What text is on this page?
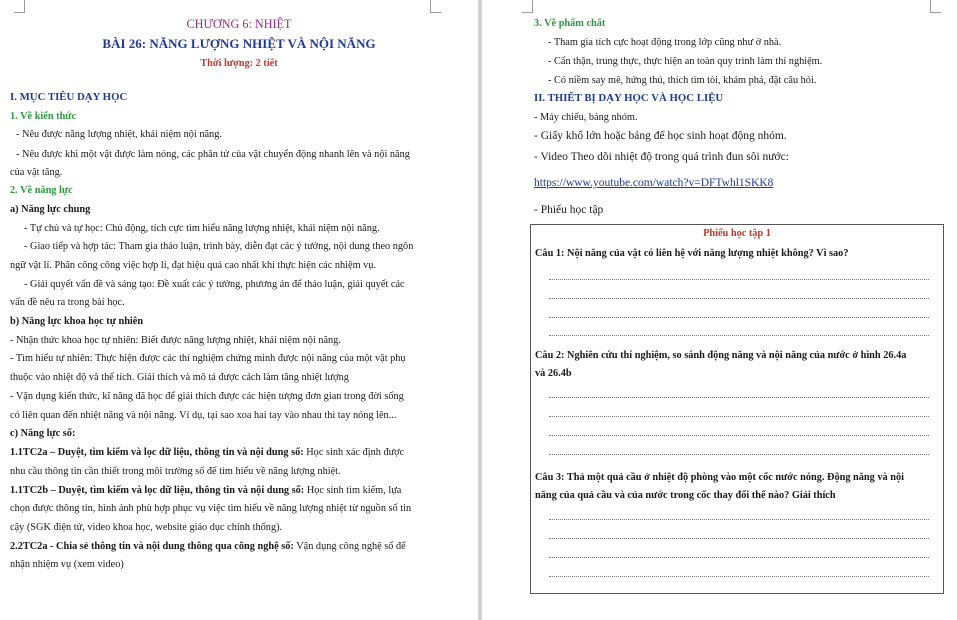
CHƯƠNG 6: NHIỆT
BÀI 26: NĂNG LƯỢNG NHIỆT VÀ NỘI NĂNG
Thời lượng: 2 tiết
I. MỤC TIÊU DẠY HỌC
1. Về kiến thức
- Nêu được năng lượng nhiệt, khái niệm nội năng.
- Nêu được khi một vật được làm nóng, các phân tử của vật chuyển động nhanh lên và nội năng
của vật tăng.
2. Về năng lực
a) Năng lực chung
- Tự chủ và tự học: Chủ động, tích cực tìm hiểu năng lượng nhiệt, khái niệm nội năng.
- Giao tiếp và hợp tác: Tham gia thảo luận, trình bày, diễn đạt các ý tưởng, nội dung theo ngôn
ngữ vật lí. Phân công công việc hợp lí, đạt hiệu quả cao nhất khi thực hiện các nhiệm vụ.
- Giải quyết vấn đề và sáng tạo: Đề xuất các ý tưởng, phương án để thảo luận, giải quyết các
vấn đề nêu ra trong bài học.
b) Năng lực khoa học tự nhiên
- Nhận thức khoa học tự nhiên: Biết được năng lượng nhiệt, khái niệm nội năng.
- Tìm hiểu tự nhiên: Thực hiện được các thí nghiệm chứng minh được nội năng của một vật phụ
thuộc vào nhiệt độ và thể tích. Giải thích và mô tả được cách làm tăng nhiệt lượng
- Vận dụng kiến thức, kĩ năng đã học để giải thích được các hiện tượng đơn gian trong đời sống
có liên quan đến nhiệt năng và nội năng. Ví dụ, tại sao xoa hai tay vào nhau thì tay nóng lên...
c) Năng lực số:
1.1TC2a – Duyệt, tìm kiếm và lọc dữ liệu, thông tin và nội dung số: Học sinh xác định được
nhu cầu thông tin cần thiết trong môi trường số để tìm hiểu về năng lượng nhiệt.
1.1TC2b – Duyệt, tìm kiếm và lọc dữ liệu, thông tin và nội dung số: Học sinh tìm kiếm, lựa
chọn được thông tin, hình ảnh phù hợp phục vụ việc tìm hiểu về năng lượng nhiệt từ nguồn số tin
cậy (SGK điện tử, video khoa học, website giáo dục chính thống).
2.2TC2a - Chia sẻ thông tin và nội dung thông qua công nghệ số: Vận dụng công nghệ số để
nhận nhiệm vụ (xem video)
3. Về phẩm chất
- Tham gia tích cực hoạt động trong lớp cũng như ở nhà.
- Cẩn thận, trung thực, thực hiện an toàn quy trình làm thí nghiệm.
- Có niềm say mê, hứng thú, thích tìm tòi, khám phá, đặt câu hỏi.
II. THIẾT BỊ DẠY HỌC VÀ HỌC LIỆU
- Máy chiếu, bảng nhóm.
- Giấy khổ lớn hoặc bảng để học sinh hoạt động nhóm.
- Video Theo dõi nhiệt độ trong quá trình đun sôi nước:
https://www.youtube.com/watch?v=DFTwhl1SKK8
- Phiếu học tập
Phiếu học tập 1
Câu 1: Nội năng của vật có liên hệ với năng lượng nhiệt không? Vì sao?
Câu 2: Nghiên cứu thí nghiệm, so sánh động năng và nội năng của nước ở hình 26.4a
và 26.4b
Câu 3: Thả một quả cầu ở nhiệt độ phòng vào một cốc nước nóng. Động năng và nội
năng của quả cầu và của nước trong cốc thay đổi thế nào? Giải thích
